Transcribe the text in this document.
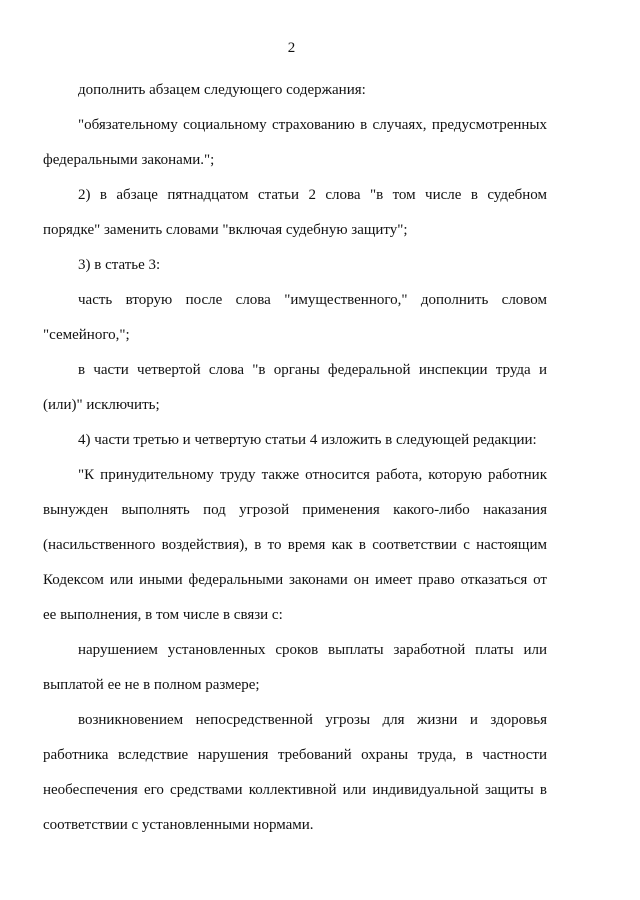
2

дополнить абзацем следующего содержания:

"обязательному социальному страхованию в случаях, предусмотренных
федеральными законами.";

2) в абзаце пятнадцатом статьи 2 слова "в том числе в судебном
порядке" заменить словами "включая судебную защиту";

3) в статье 3:

часть вторую после слова "имущественного," дополнить словом
"семейного,";

в части четвертой слова "в органы федеральной инспекции труда и
(или)" исключить;

4) части третью и четвертую статьи 4 изложить в следующей редакции:

"К принудительному труду также относится работа, которую работник
вынужден выполнять под угрозой применения какого-либо наказания
(насильственного воздействия), в то время как в соответствии с настоящим
Кодексом или иными федеральными законами он имеет право отказаться от
ее выполнения, в том числе в связи с:

нарушением установленных сроков выплаты заработной платы или
выплатой ее не в полном размере;

возникновением непосредственной угрозы для жизни и здоровья
работника вследствие нарушения требований охраны труда, в частности
необеспечения его средствами коллективной или индивидуальной защиты в
соответствии с установленными нормами.
